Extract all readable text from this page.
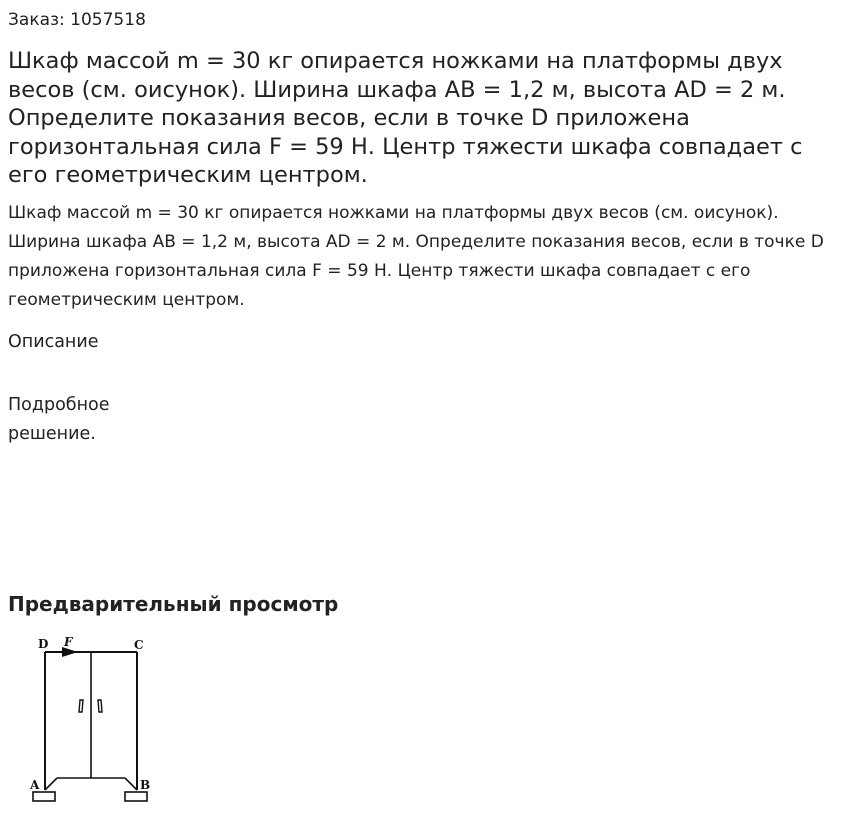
Заказ: 1057518
Шкаф массой m = 30 кг опирается ножками на платформы двух весов (см. оисунок). Ширина шкафа AB = 1,2 м, высота AD = 2 м. Определите показания весов, если в точке D приложена горизонтальная сила F = 59 Н. Центр тяжести шкафа совпадает с его геометрическим центром.
Шкаф массой m = 30 кг опирается ножками на платформы двух весов (см. оисунок). Ширина шкафа AB = 1,2 м, высота AD = 2 м. Определите показания весов, если в точке D приложена горизонтальная сила F = 59 Н. Центр тяжести шкафа совпадает с его геометрическим центром.
Описание
Подробное решение.
Предварительный просмотр
D F	C
A	B
